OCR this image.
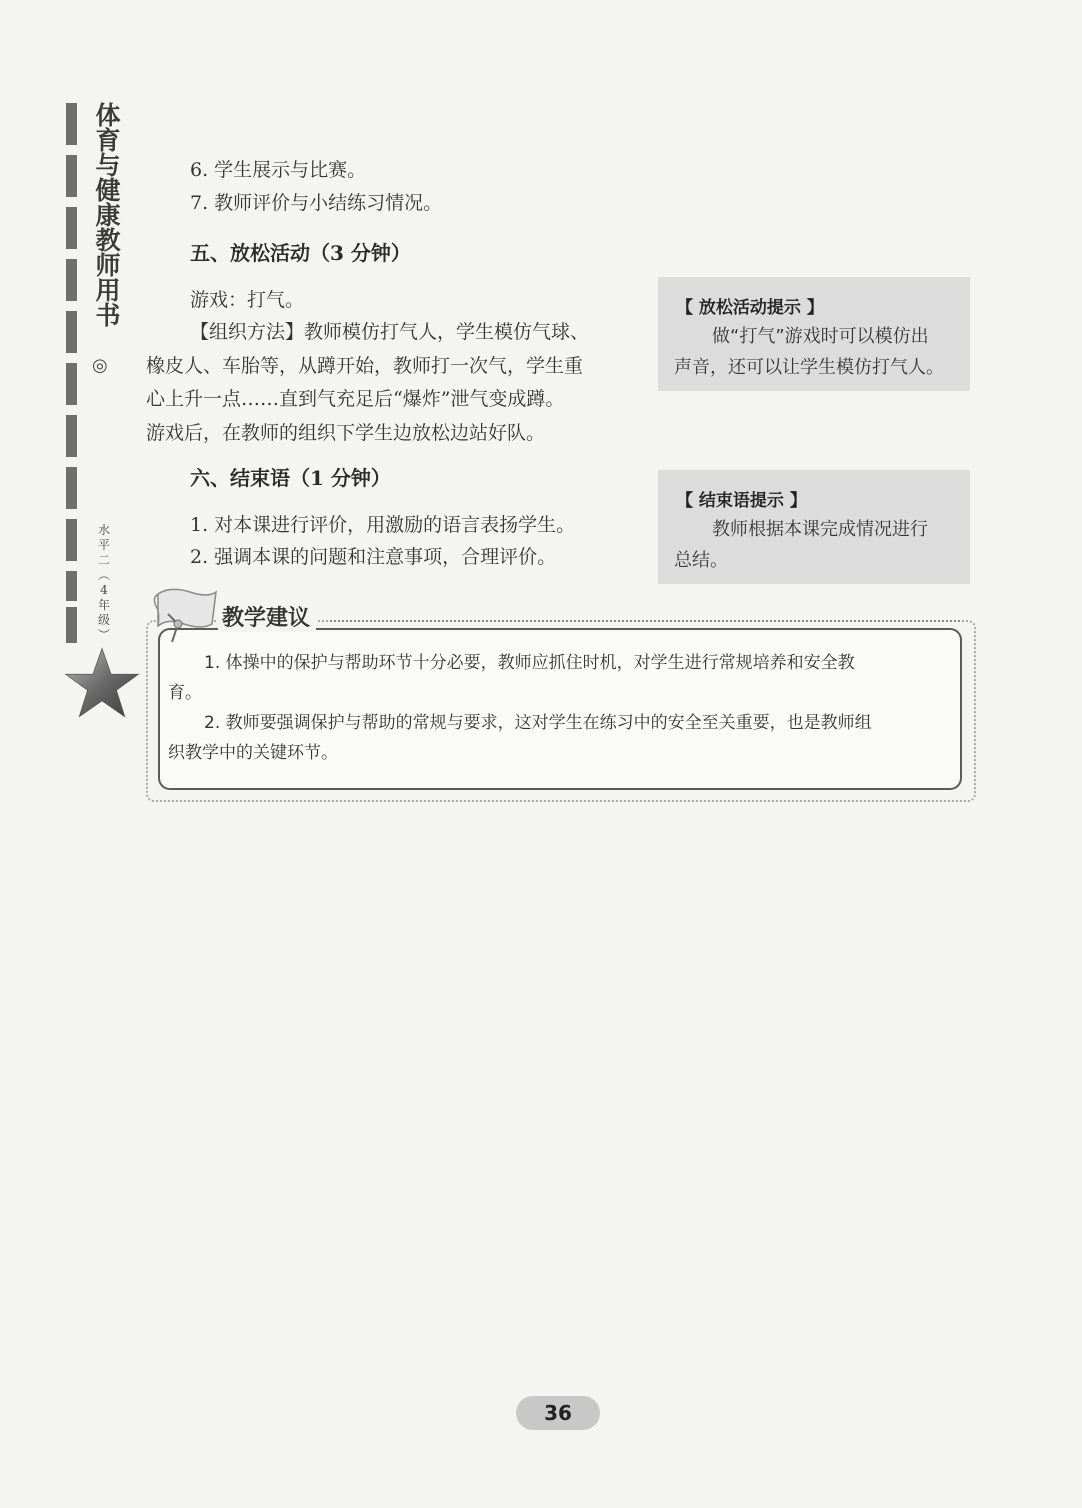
体
育
与
健
康
教
师
用
书
◎
水
平
二
︵
4
年
级
︶
6. 学生展示与比赛。
7. 教师评价与小结练习情况。
五、放松活动（3 分钟）
游戏：打气。
【组织方法】教师模仿打气人，学生模仿气球、
橡皮人、车胎等，从蹲开始，教师打一次气，学生重
心上升一点……直到气充足后“爆炸”泄气变成蹲。
游戏后，在教师的组织下学生边放松边站好队。
六、结束语（1 分钟）
1. 对本课进行评价，用激励的语言表扬学生。
2. 强调本课的问题和注意事项，合理评价。
【 放松活动提示 】
做“打气”游戏时可以模仿出
声音，还可以让学生模仿打气人。
【 结束语提示 】
教师根据本课完成情况进行
总结。
教学建议
1. 体操中的保护与帮助环节十分必要，教师应抓住时机，对学生进行常规培养和安全教
育。
2. 教师要强调保护与帮助的常规与要求，这对学生在练习中的安全至关重要，也是教师组
织教学中的关键环节。
36
